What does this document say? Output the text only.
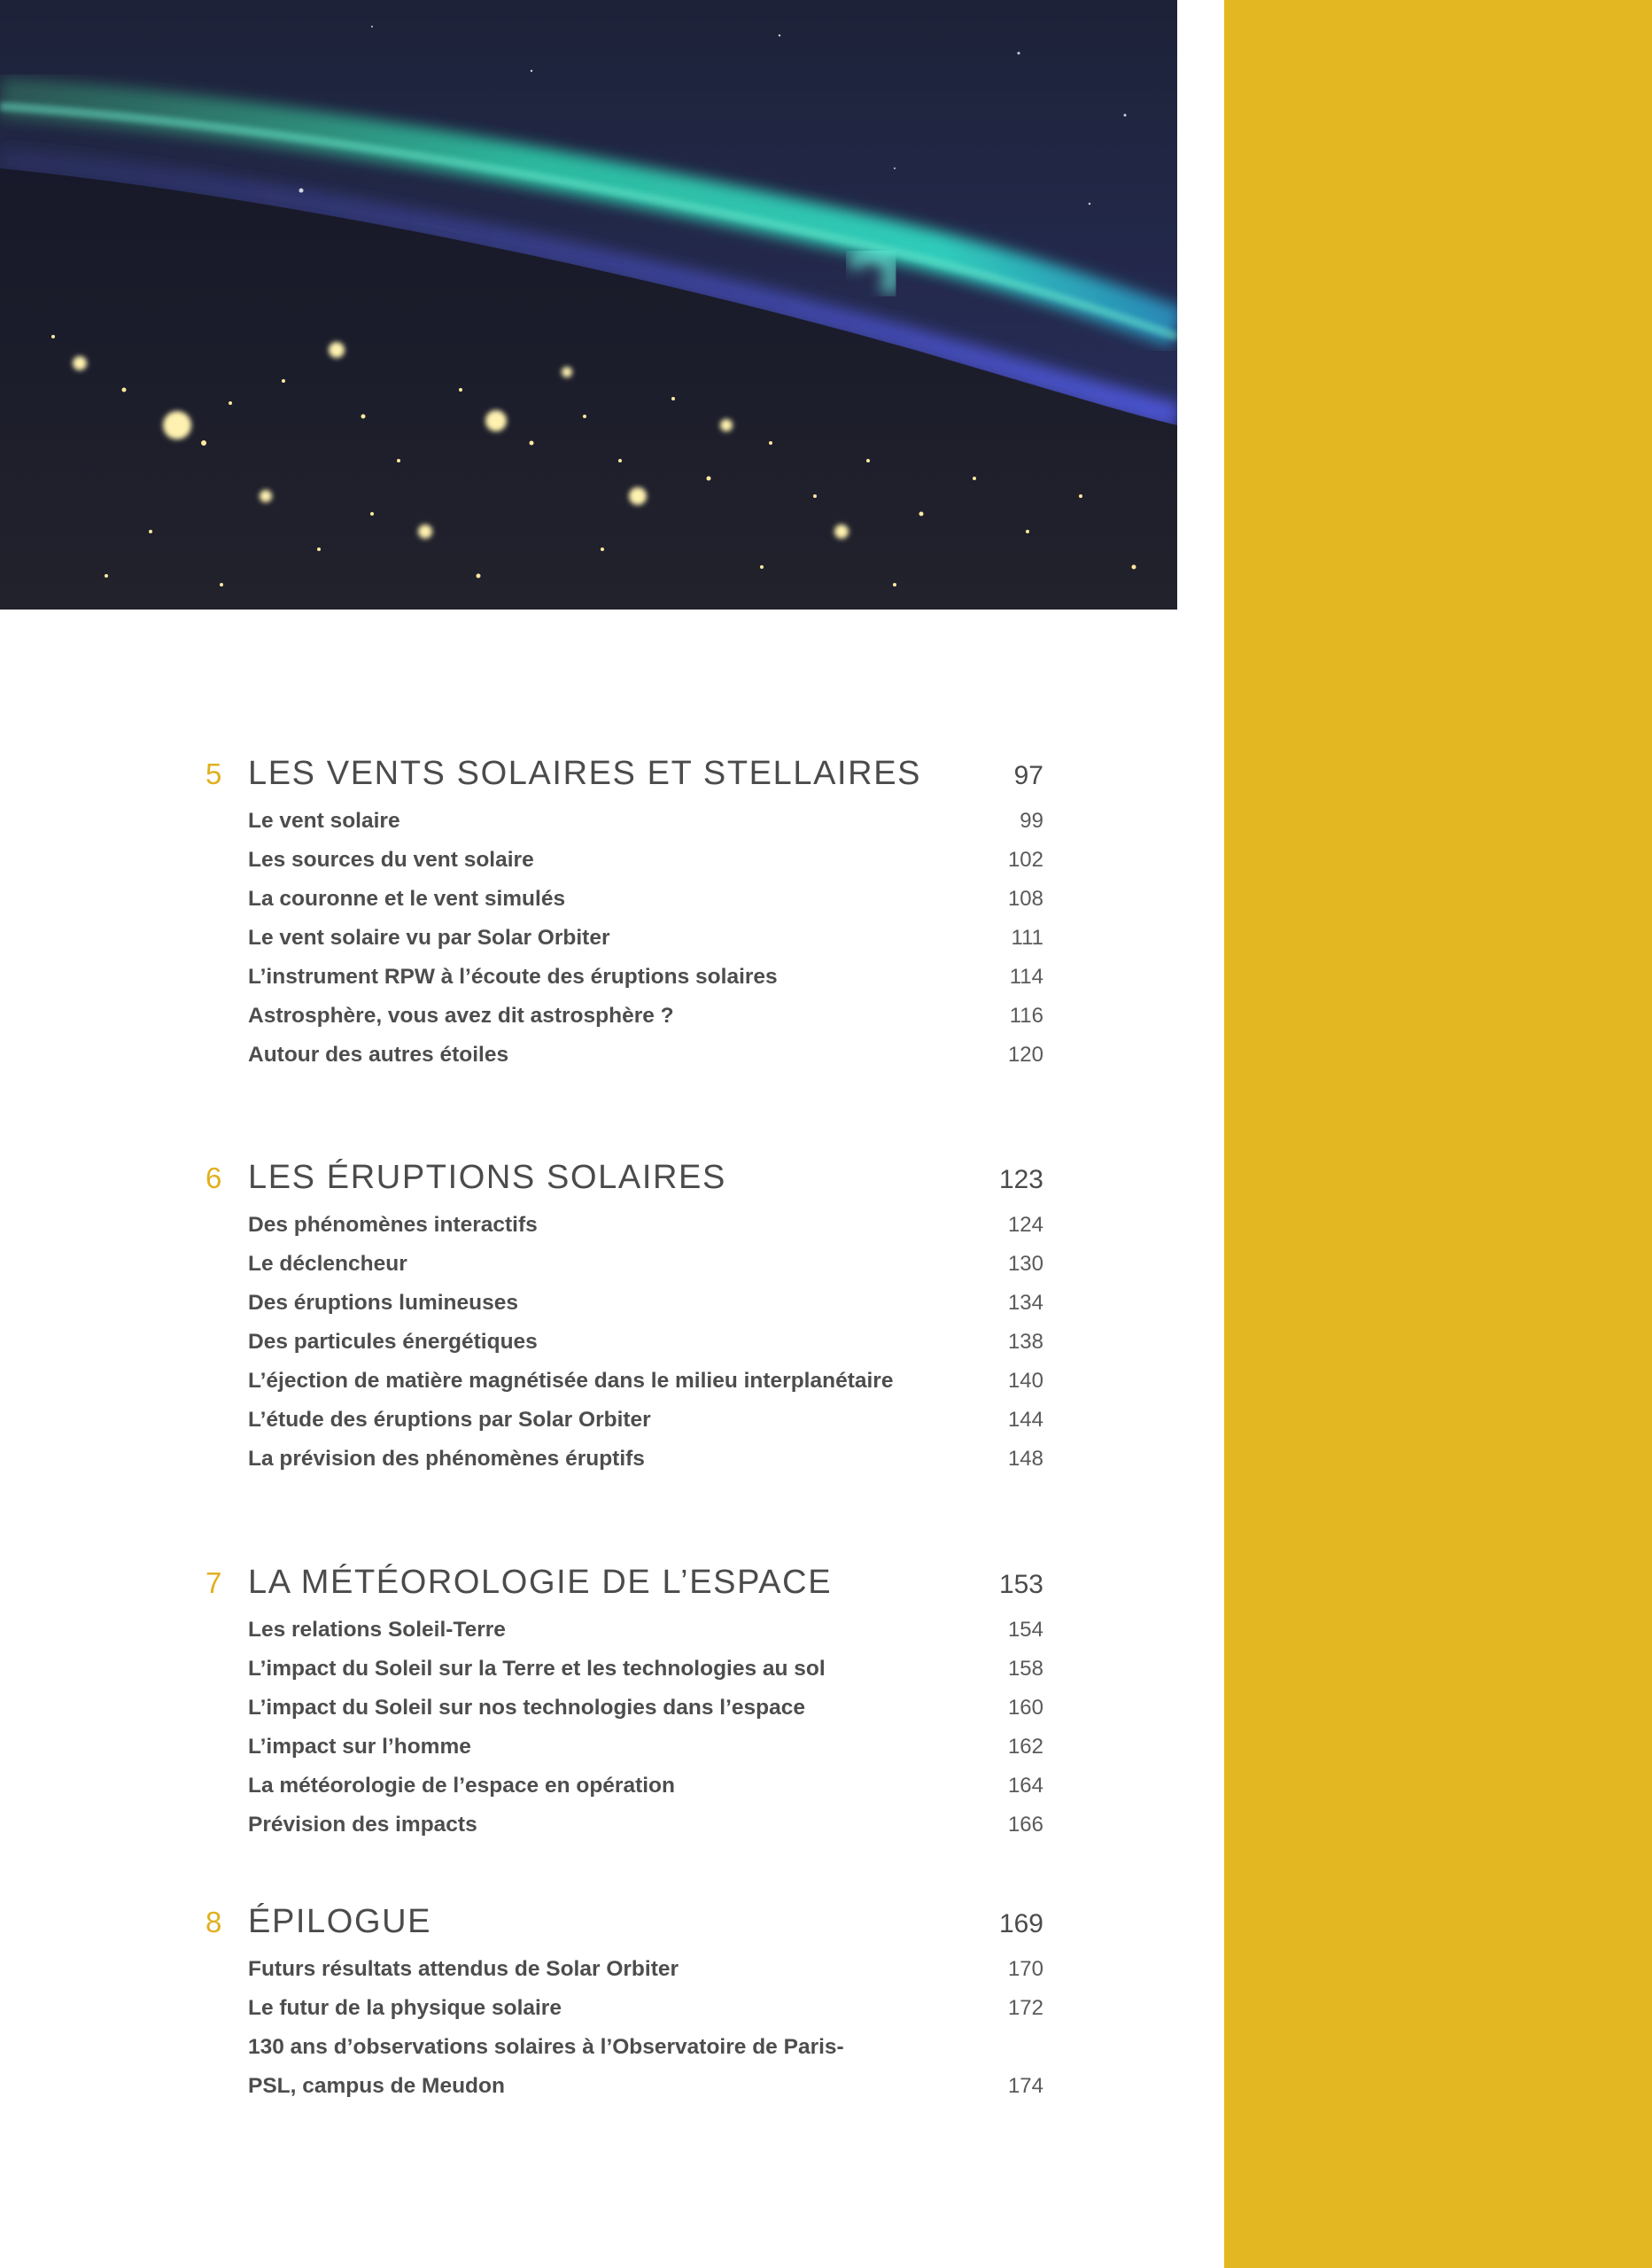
5 LES VENTS SOLAIRES ET STELLAIRES	97
Le vent solaire	99
Les sources du vent solaire	102
La couronne et le vent simulés	108
Le vent solaire vu par Solar Orbiter	111
L’instrument RPW à l’écoute des éruptions solaires	114
Astrosphère, vous avez dit astrosphère ?	116
Autour des autres étoiles	120
6 LES ÉRUPTIONS SOLAIRES	123
Des phénomènes interactifs	124
Le déclencheur	130
Des éruptions lumineuses	134
Des particules énergétiques	138
L’éjection de matière magnétisée dans le milieu interplanétaire	140
L’étude des éruptions par Solar Orbiter	144
La prévision des phénomènes éruptifs	148
7 LA MÉTÉOROLOGIE DE L’ESPACE	153
Les relations Soleil-Terre	154
L’impact du Soleil sur la Terre et les technologies au sol	158
L’impact du Soleil sur nos technologies dans l’espace	160
L’impact sur l’homme	162
La météorologie de l’espace en opération	164
Prévision des impacts	166
8 ÉPILOGUE	169
Futurs résultats attendus de Solar Orbiter	170
Le futur de la physique solaire	172
130 ans d’observations solaires à l’Observatoire de Paris-PSL, campus de Meudon	174
